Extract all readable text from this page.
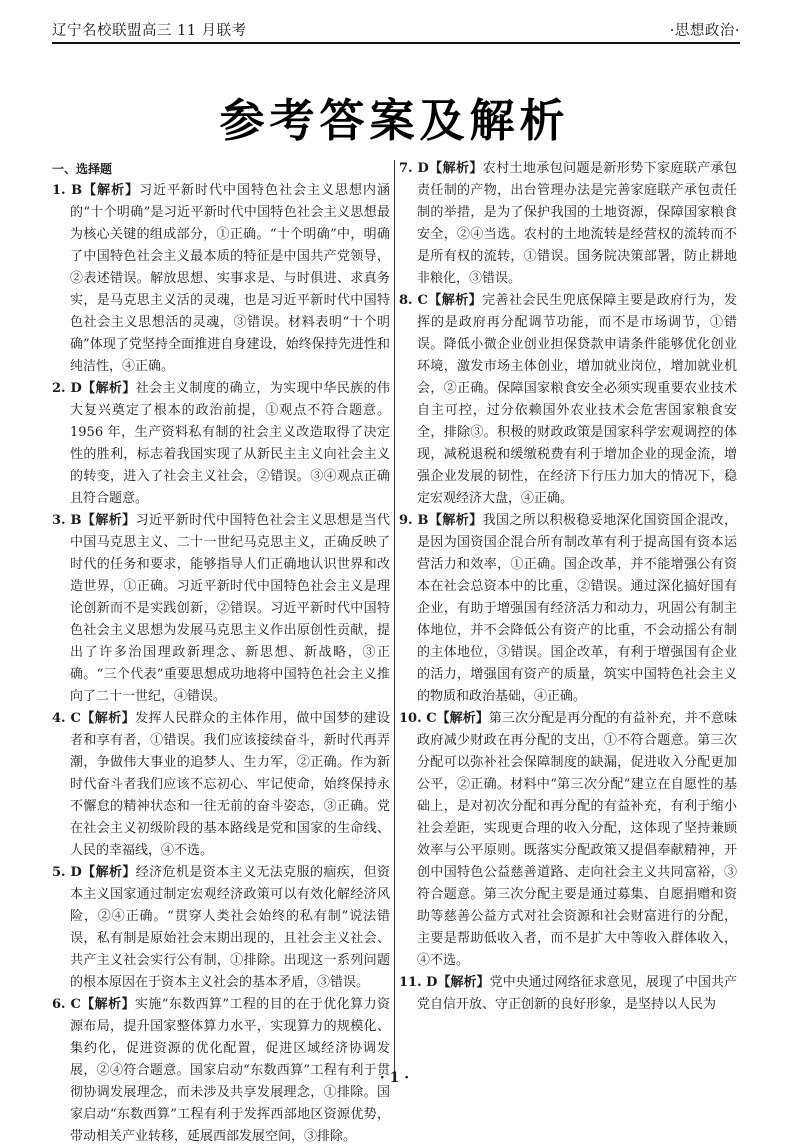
辽宁名校联盟高三 11 月联考	·思想政治·
参考答案及解析
一、选择题
1. B【解析】习近平新时代中国特色社会主义思想内涵的“十个明确”是习近平新时代中国特色社会主义思想最为核心关键的组成部分，①正确。“十个明确”中，明确了中国特色社会主义最本质的特征是中国共产党领导，②表述错误。解放思想、实事求是、与时俱进、求真务实，是马克思主义活的灵魂，也是习近平新时代中国特色社会主义思想活的灵魂，③错误。材料表明“十个明确”体现了党坚持全面推进自身建设，始终保持先进性和纯洁性，④正确。
2. D【解析】社会主义制度的确立，为实现中华民族的伟大复兴奠定了根本的政治前提，①观点不符合题意。1956 年，生产资料私有制的社会主义改造取得了决定性的胜利，标志着我国实现了从新民主主义向社会主义的转变，进入了社会主义社会，②错误。③④观点正确且符合题意。
3. B【解析】习近平新时代中国特色社会主义思想是当代中国马克思主义、二十一世纪马克思主义，正确反映了时代的任务和要求，能够指导人们正确地认识世界和改造世界，①正确。习近平新时代中国特色社会主义是理论创新而不是实践创新，②错误。习近平新时代中国特色社会主义思想为发展马克思主义作出原创性贡献，提出了许多治国理政新理念、新思想、新战略，③正确。“三个代表”重要思想成功地将中国特色社会主义推向了二十一世纪，④错误。
4. C【解析】发挥人民群众的主体作用，做中国梦的建设者和享有者，①错误。我们应该接续奋斗，新时代再弄潮，争做伟大事业的追梦人、生力军，②正确。作为新时代奋斗者我们应该不忘初心、牢记使命，始终保持永不懈怠的精神状态和一往无前的奋斗姿态，③正确。党在社会主义初级阶段的基本路线是党和国家的生命线、人民的幸福线，④不选。
5. D【解析】经济危机是资本主义无法克服的痼疾，但资本主义国家通过制定宏观经济政策可以有效化解经济风险，②④正确。“贯穿人类社会始终的私有制”说法错误，私有制是原始社会末期出现的，且社会主义社会、共产主义社会实行公有制，①排除。出现这一系列问题的根本原因在于资本主义社会的基本矛盾，③错误。
6. C【解析】实施“东数西算”工程的目的在于优化算力资源布局，提升国家整体算力水平，实现算力的规模化、集约化，促进资源的优化配置，促进区域经济协调发展，②④符合题意。国家启动“东数西算”工程有利于贯彻协调发展理念，而未涉及共享发展理念，①排除。国家启动“东数西算”工程有利于发挥西部地区资源优势，带动相关产业转移，延展西部发展空间，③排除。
7. D【解析】农村土地承包问题是新形势下家庭联产承包责任制的产物，出台管理办法是完善家庭联产承包责任制的举措，是为了保护我国的土地资源，保障国家粮食安全，②④当选。农村的土地流转是经营权的流转而不是所有权的流转，①错误。国务院决策部署，防止耕地非粮化，③错误。
8. C【解析】完善社会民生兜底保障主要是政府行为，发挥的是政府再分配调节功能，而不是市场调节，①错误。降低小微企业创业担保贷款申请条件能够优化创业环境，激发市场主体创业，增加就业岗位，增加就业机会，②正确。保障国家粮食安全必须实现重要农业技术自主可控，过分依赖国外农业技术会危害国家粮食安全，排除③。积极的财政政策是国家科学宏观调控的体现，减税退税和缓缴税费有利于增加企业的现金流，增强企业发展的韧性，在经济下行压力加大的情况下，稳定宏观经济大盘，④正确。
9. B【解析】我国之所以积极稳妥地深化国资国企混改，是因为国资国企混合所有制改革有利于提高国有资本运营活力和效率，①正确。国企改革，并不能增强公有资本在社会总资本中的比重，②错误。通过深化搞好国有企业，有助于增强国有经济活力和动力，巩固公有制主体地位，并不会降低公有资产的比重，不会动摇公有制的主体地位，③错误。国企改革，有利于增强国有企业的活力，增强国有资产的质量，筑实中国特色社会主义的物质和政治基础，④正确。
10. C【解析】第三次分配是再分配的有益补充，并不意味政府减少财政在再分配的支出，①不符合题意。第三次分配可以弥补社会保障制度的缺漏，促进收入分配更加公平，②正确。材料中“第三次分配”建立在自愿性的基础上，是对初次分配和再分配的有益补充，有利于缩小社会差距，实现更合理的收入分配，这体现了坚持兼顾效率与公平原则。既落实分配政策又提倡奉献精神，开创中国特色公益慈善道路、走向社会主义共同富裕，③符合题意。第三次分配主要是通过募集、自愿捐赠和资助等慈善公益方式对社会资源和社会财富进行的分配，主要是帮助低收入者，而不是扩大中等收入群体收入，④不选。
11. D【解析】党中央通过网络征求意见，展现了中国共产党自信开放、守正创新的良好形象，是坚持以人民为
· 1 ·
